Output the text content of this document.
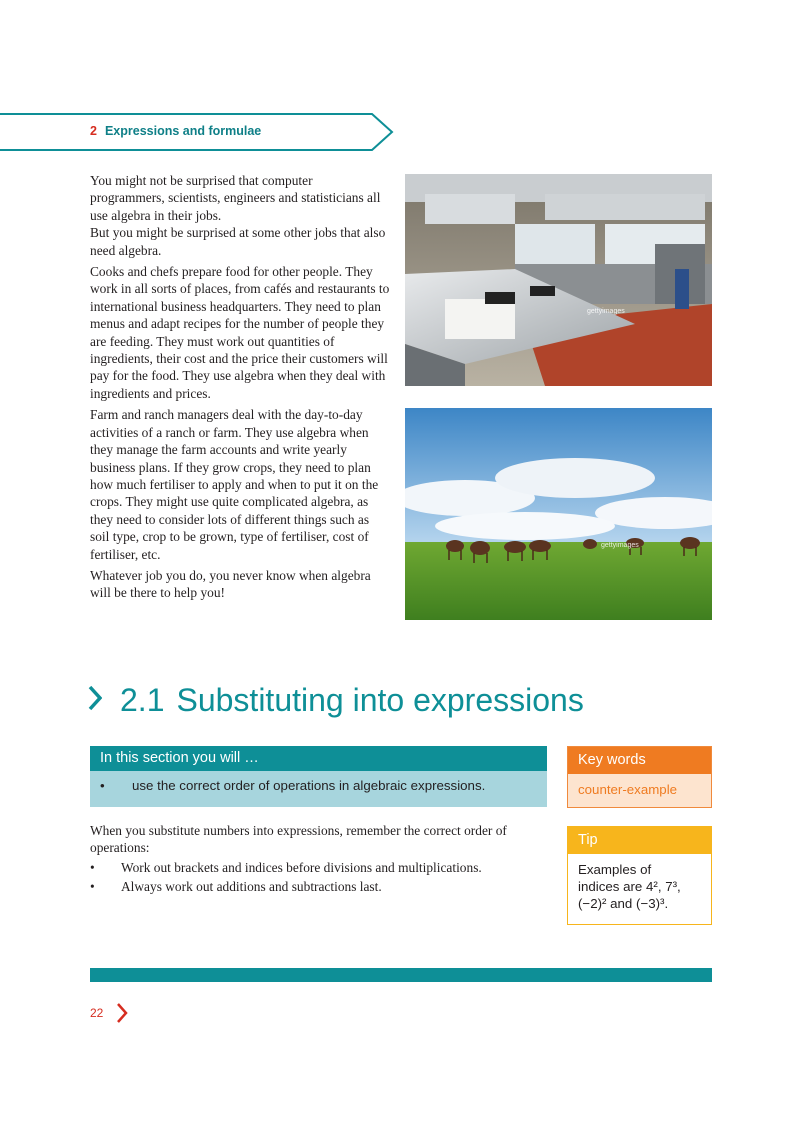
2 Expressions and formulae

You might not be surprised that computer programmers, scientists, engineers and statisticians all use algebra in their jobs.

But you might be surprised at some other jobs that also need algebra.

Cooks and chefs prepare food for other people. They work in all sorts of places, from cafés and restaurants to international business headquarters. They need to plan menus and adapt recipes for the number of people they are feeding. They must work out quantities of ingredients, their cost and the price their customers will pay for the food. They use algebra when they deal with ingredients and prices.

Farm and ranch managers deal with the day-to-day activities of a ranch or farm. They use algebra when they manage the farm accounts and write yearly business plans. If they grow crops, they need to plan how much fertiliser to apply and when to put it on the crops. They might use quite complicated algebra, as they need to consider lots of different things such as soil type, crop to be grown, type of fertiliser, cost of fertiliser, etc.

Whatever job you do, you never know when algebra will be there to help you!

gettyimages
gettyimages
2.1 Substituting into expressions
In this section you will …
•	use the correct order of operations in algebraic expressions.
Key words
counter-example
Tip
Examples of
indices are 4², 7³,
(−2)² and (−3)³.

When you substitute numbers into expressions, remember the correct order of operations:

•	Work out brackets and indices before divisions and multiplications.
•	Always work out additions and subtractions last.
22
